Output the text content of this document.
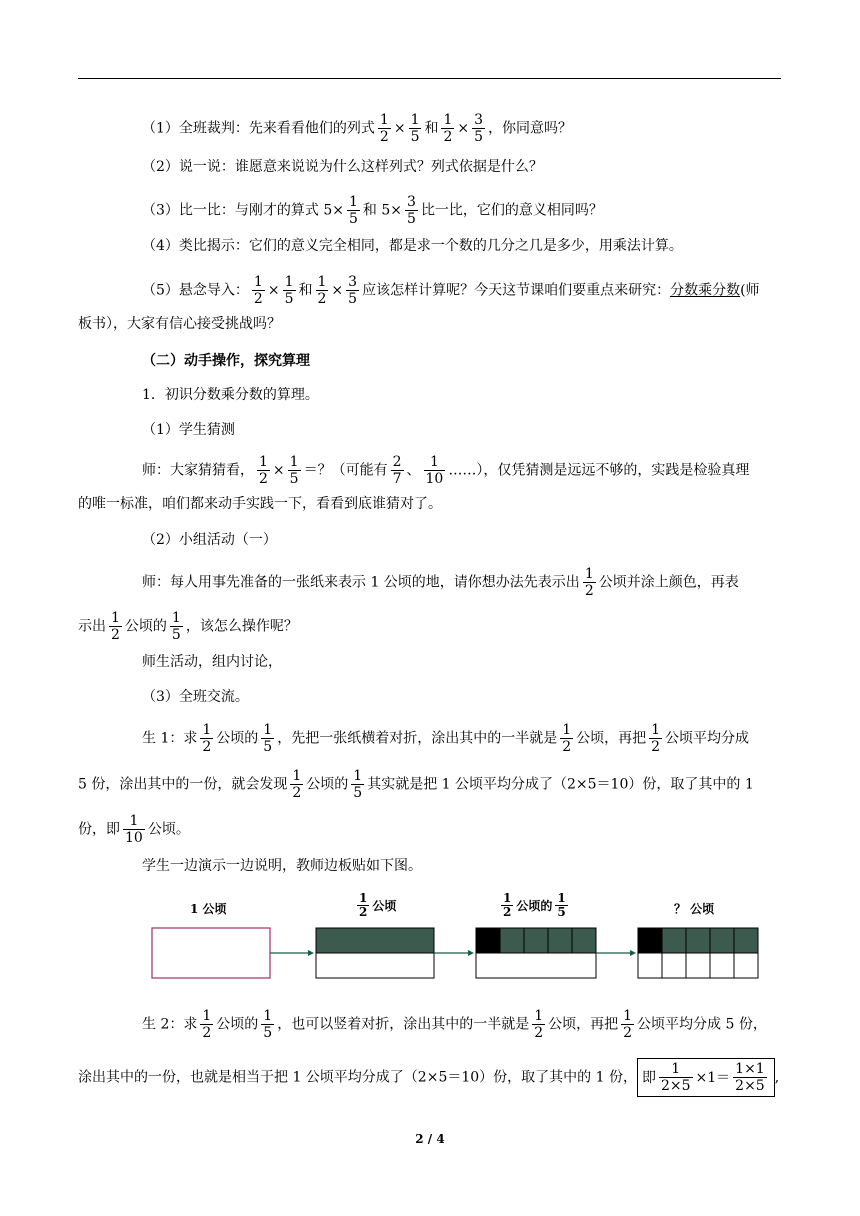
（1）全班裁判：先来看看他们的列式 $\frac{1}{2} \times \frac{1}{5}$ 和 $\frac{1}{2} \times \frac{3}{5}$ ，你同意吗？
（2）说一说：谁愿意来说说为什么这样列式？列式依据是什么？
（3）比一比：与刚才的算式 $5\times \frac{1}{5}$ 和 $5\times \frac{3}{5}$ 比一比，它们的意义相同吗？
（4）类比揭示：它们的意义完全相同，都是求一个数的几分之几是多少，用乘法计算。
（5）悬念导入： $\frac{1}{2} \times \frac{1}{5}$ 和 $\frac{1}{2} \times \frac{3}{5}$ 应该怎样计算呢？今天这节课咱们要重点来研究：分数乘分数(师
板书），大家有信心接受挑战吗？
（二）动手操作，探究算理
1．初识分数乘分数的算理。
（1）学生猜测
师：大家猜猜看， $\frac{1}{2} \times \frac{1}{5}$ ＝？（可能有 $\frac{2}{7}$ 、 $\frac{1}{10}$ ……），仅凭猜测是远远不够的，实践是检验真理
的唯一标准，咱们都来动手实践一下，看看到底谁猜对了。
（2）小组活动（一）
师：每人用事先准备的一张纸来表示 1 公顷的地，请你想办法先表示出 $\frac{1}{2}$ 公顷并涂上颜色，再表
示出 $\frac{1}{2}$ 公顷的 $\frac{1}{5}$ ，该怎么操作呢？
师生活动，组内讨论，
（3）全班交流。
生 1：求 $\frac{1}{2}$ 公顷的 $\frac{1}{5}$ ，先把一张纸横着对折，涂出其中的一半就是 $\frac{1}{2}$ 公顷，再把 $\frac{1}{2}$ 公顷平均分成
5 份，涂出其中的一份，就会发现 $\frac{1}{2}$ 公顷的 $\frac{1}{5}$ 其实就是把 1 公顷平均分成了（2×5＝10）份，取了其中的 1
份，即 $\frac{1}{10}$ 公顷。
学生一边演示一边说明，教师边板贴如下图。
1 公顷	$\frac{1}{2}$ 公顷	$\frac{1}{2}$ 公顷的 $\frac{1}{5}$	？ 公顷
生 2：求 $\frac{1}{2}$ 公顷的 $\frac{1}{5}$ ，也可以竖着对折，涂出其中的一半就是 $\frac{1}{2}$ 公顷，再把 $\frac{1}{2}$ 公顷平均分成 5 份，
涂出其中的一份，也就是相当于把 1 公顷平均分成了（2×5＝10）份，取了其中的 1 份， 即 $\frac{1}{2\times 5} \times 1= \frac{1\times 1}{2\times 5}$ ,
2 / 4
